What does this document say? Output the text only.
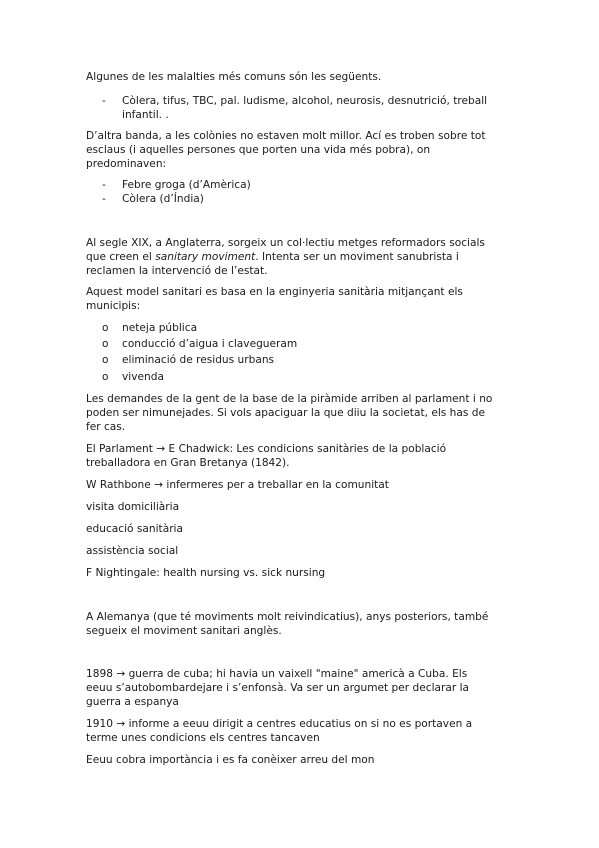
Algunes de les malalties més comuns són les següents.
- Còlera, tifus, TBC, pal. ludisme, alcohol, neurosis, desnutrició, treball
infantil. .
D’altra banda, a les colònies no estaven molt millor. Ací es troben sobre tot
esclaus (i aquelles persones que porten una vida més pobra), on
predominaven:
- Febre groga (d’Amèrica)
- Còlera (d’Índia)
Al segle XIX, a Anglaterra, sorgeix un col·lectiu metges reformadors socials
que creen el sanitary moviment. Intenta ser un moviment sanubrista i
reclamen la intervenció de l’estat.
Aquest model sanitari es basa en la enginyeria sanitària mitjançant els
municipis:
o neteja pública
o conducció d’aigua i clavegueram
o eliminació de residus urbans
o vivenda
Les demandes de la gent de la base de la piràmide arriben al parlament i no
poden ser nimunejades. Si vols apaciguar la que diiu la societat, els has de
fer cas.
El Parlament → E Chadwick: Les condicions sanitàries de la població
treballadora en Gran Bretanya (1842).
W Rathbone → infermeres per a treballar en la comunitat
visita domiciliària
educació sanitària
assistència social
F Nightingale: health nursing vs. sick nursing
A Alemanya (que té moviments molt reivindicatius), anys posteriors, també
segueix el moviment sanitari anglès.
1898 → guerra de cuba; hi havia un vaixell "maine" americà a Cuba. Els
eeuu s’autobombardejare i s’enfonsà. Va ser un argumet per declarar la
guerra a espanya
1910 → informe a eeuu dirigit a centres educatius on si no es portaven a
terme unes condicions els centres tancaven
Eeuu cobra importància i es fa conèixer arreu del mon
